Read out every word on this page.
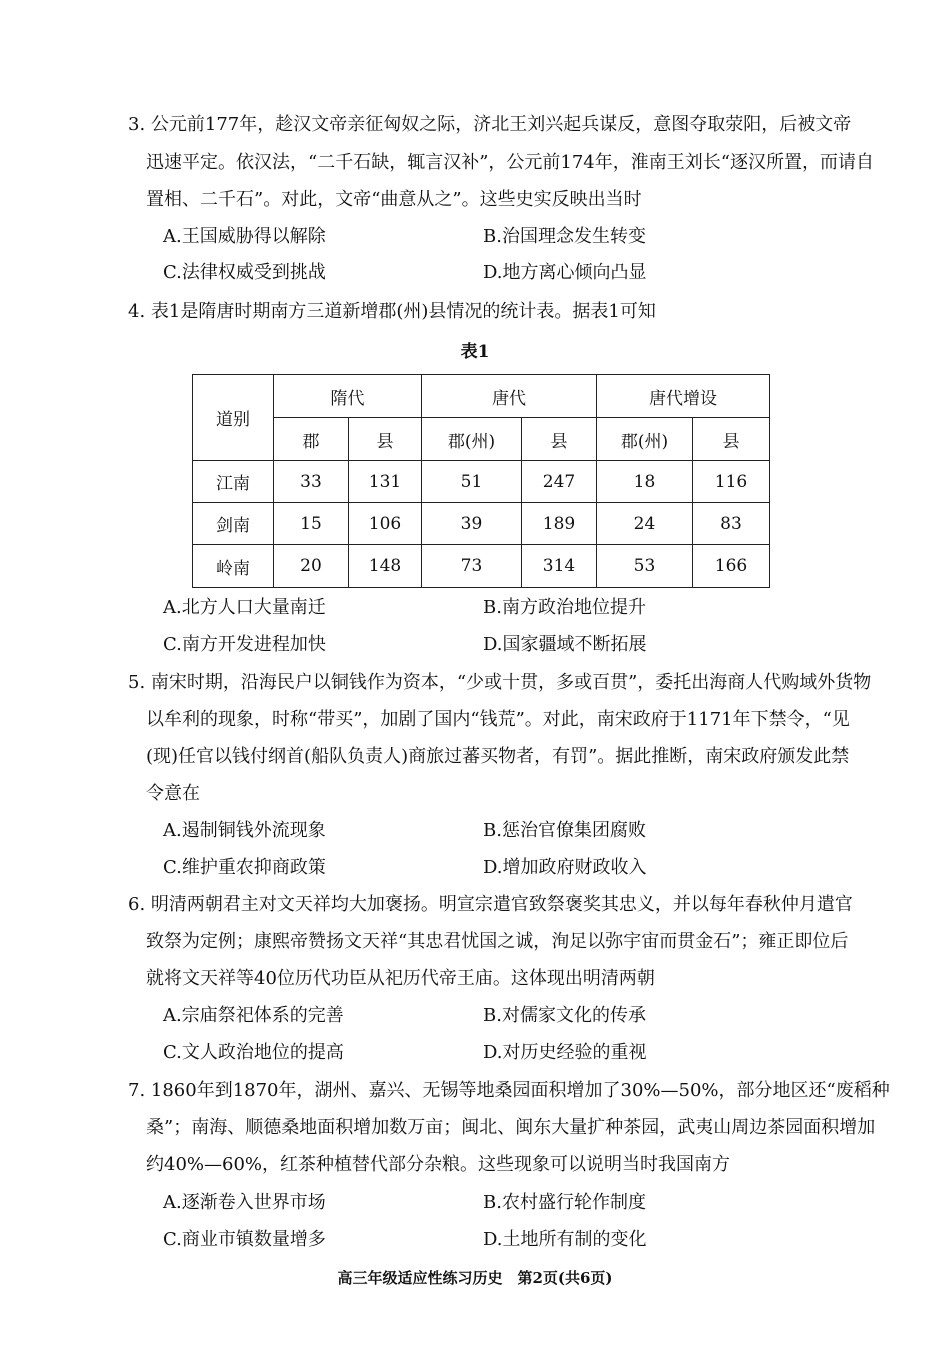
3. 公元前177年，趁汉文帝亲征匈奴之际，济北王刘兴起兵谋反，意图夺取荥阳，后被文帝
迅速平定。依汉法，“二千石缺，辄言汉补”，公元前174年，淮南王刘长“逐汉所置，而请自
置相、二千石”。对此，文帝“曲意从之”。这些史实反映出当时
A.王国威胁得以解除	B.治国理念发生转变
C.法律权威受到挑战	D.地方离心倾向凸显
4. 表1是隋唐时期南方三道新增郡(州)县情况的统计表。据表1可知
表1
道别	隋代		唐代		唐代增设	
	郡	县	郡(州)	县	郡(州)	县
江南	33	131	51	247	18	116
剑南	15	106	39	189	24	83
岭南	20	148	73	314	53	166
A.北方人口大量南迁	B.南方政治地位提升
C.南方开发进程加快	D.国家疆域不断拓展
5. 南宋时期，沿海民户以铜钱作为资本，“少或十贯，多或百贯”，委托出海商人代购域外货物
以牟利的现象，时称“带买”，加剧了国内“钱荒”。对此，南宋政府于1171年下禁令，“见
(现)任官以钱付纲首(船队负责人)商旅过蕃买物者，有罚”。据此推断，南宋政府颁发此禁
令意在
A.遏制铜钱外流现象	B.惩治官僚集团腐败
C.维护重农抑商政策	D.增加政府财政收入
6. 明清两朝君主对文天祥均大加褒扬。明宣宗遣官致祭褒奖其忠义，并以每年春秋仲月遣官
致祭为定例；康熙帝赞扬文天祥“其忠君忧国之诚，洵足以弥宇宙而贯金石”；雍正即位后
就将文天祥等40位历代功臣从祀历代帝王庙。这体现出明清两朝
A.宗庙祭祀体系的完善	B.对儒家文化的传承
C.文人政治地位的提高	D.对历史经验的重视
7. 1860年到1870年，湖州、嘉兴、无锡等地桑园面积增加了30%—50%，部分地区还“废稻种
桑”；南海、顺德桑地面积增加数万亩；闽北、闽东大量扩种茶园，武夷山周边茶园面积增加
约40%—60%，红茶种植替代部分杂粮。这些现象可以说明当时我国南方
A.逐渐卷入世界市场	B.农村盛行轮作制度
C.商业市镇数量增多	D.土地所有制的变化
高三年级适应性练习历史　第2页(共6页)
